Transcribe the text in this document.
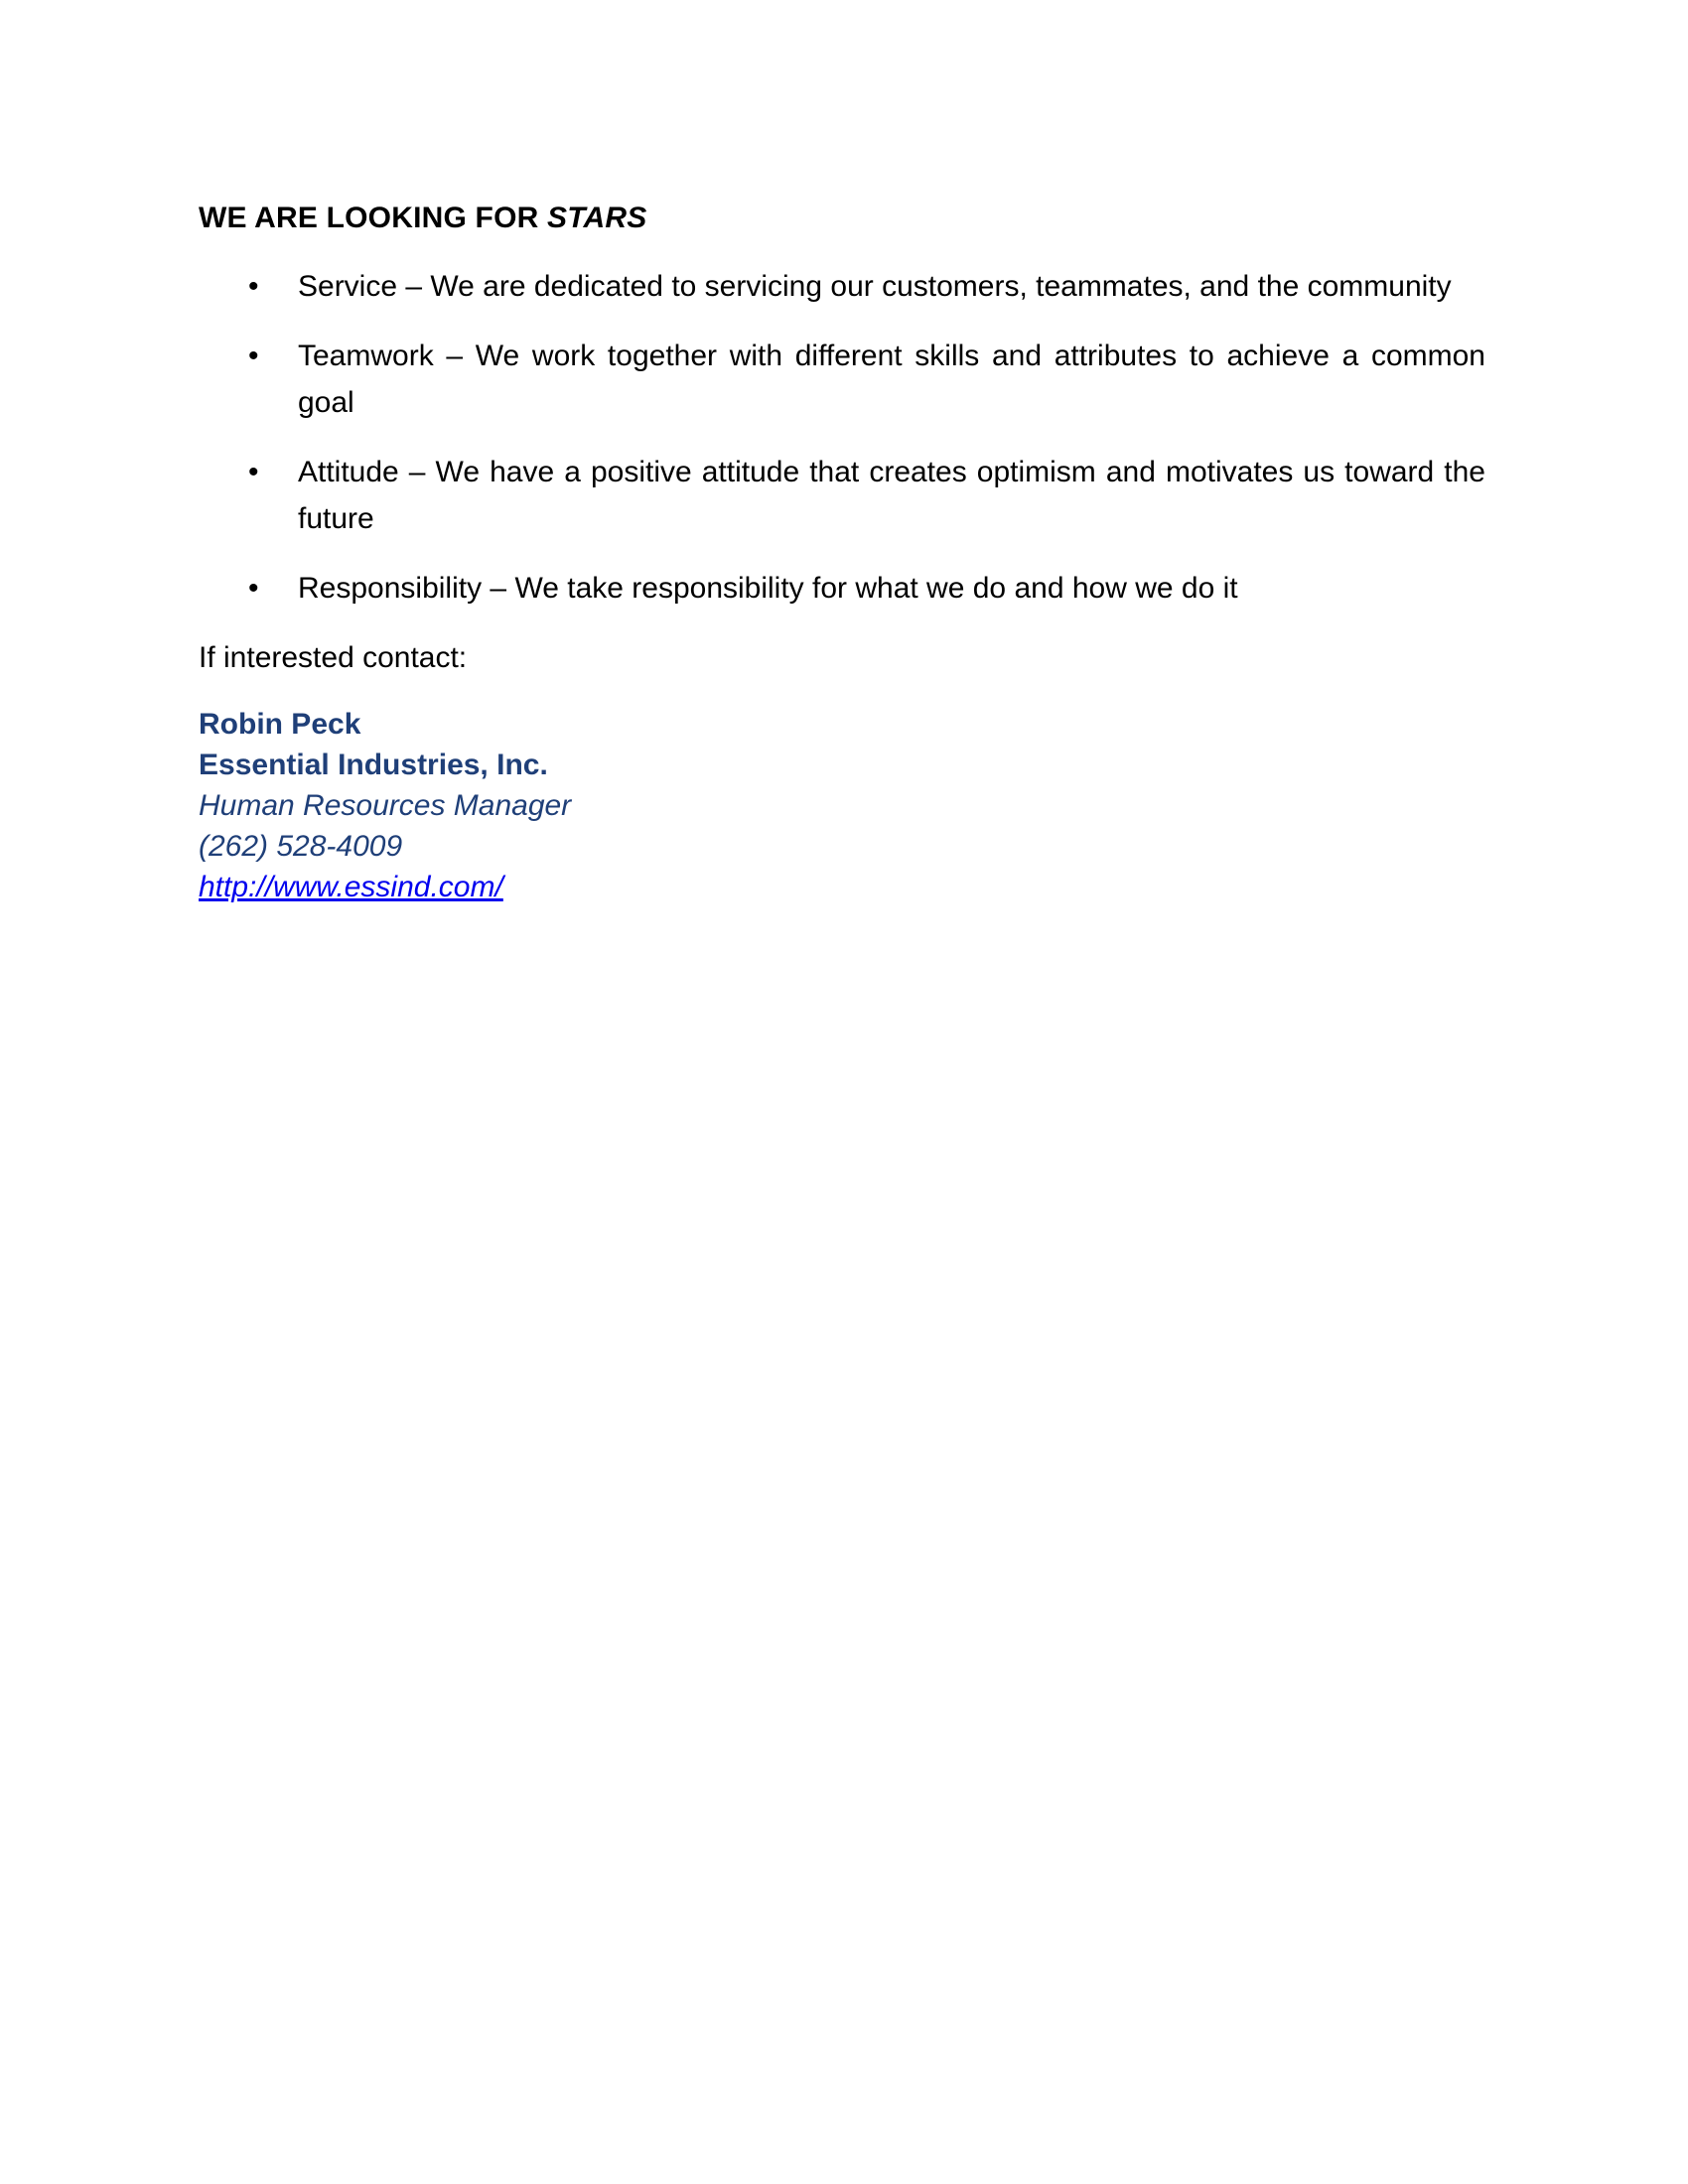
WE ARE LOOKING FOR STARS
• Service – We are dedicated to servicing our customers, teammates, and the community
• Teamwork – We work together with different skills and attributes to achieve a common goal
• Attitude – We have a positive attitude that creates optimism and motivates us toward the future
• Responsibility – We take responsibility for what we do and how we do it
If interested contact:
Robin Peck
Essential Industries, Inc.
Human Resources Manager
(262) 528-4009
http://www.essind.com/
